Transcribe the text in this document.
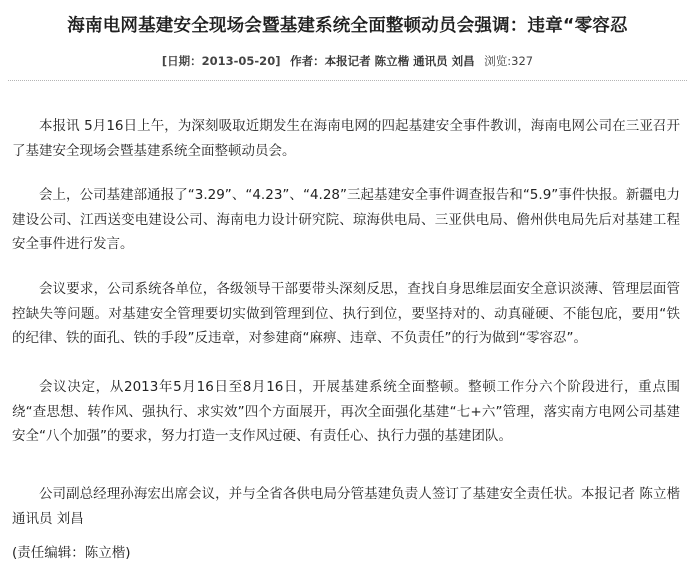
海南电网基建安全现场会暨基建系统全面整顿动员会强调：违章“零容忍
[日期：2013-05-20] 作者：本报记者 陈立楷 通讯员 刘昌 浏览:327

本报讯 5月16日上午，为深刻吸取近期发生在海南电网的四起基建安全事件教训，海南电网公司在三亚召开了基建安全现场会暨基建系统全面整顿动员会。

会上，公司基建部通报了“3.29”、“4.23”、“4.28”三起基建安全事件调查报告和“5.9”事件快报。新疆电力建设公司、江西送变电建设公司、海南电力设计研究院、琼海供电局、三亚供电局、儋州供电局先后对基建工程安全事件进行发言。

会议要求，公司系统各单位，各级领导干部要带头深刻反思，查找自身思维层面安全意识淡薄、管理层面管控缺失等问题。对基建安全管理要切实做到管理到位、执行到位，要坚持对的、动真碰硬、不能包庇，要用“铁的纪律、铁的面孔、铁的手段”反违章，对参建商“麻痹、违章、不负责任”的行为做到“零容忍”。

会议决定，从2013年5月16日至8月16日，开展基建系统全面整顿。整顿工作分六个阶段进行，重点围绕“查思想、转作风、强执行、求实效”四个方面展开，再次全面强化基建“七+六”管理，落实南方电网公司基建安全“八个加强”的要求，努力打造一支作风过硬、有责任心、执行力强的基建团队。

公司副总经理孙海宏出席会议，并与全省各供电局分管基建负责人签订了基建安全责任状。本报记者 陈立楷 通讯员 刘昌

(责任编辑：陈立楷)
